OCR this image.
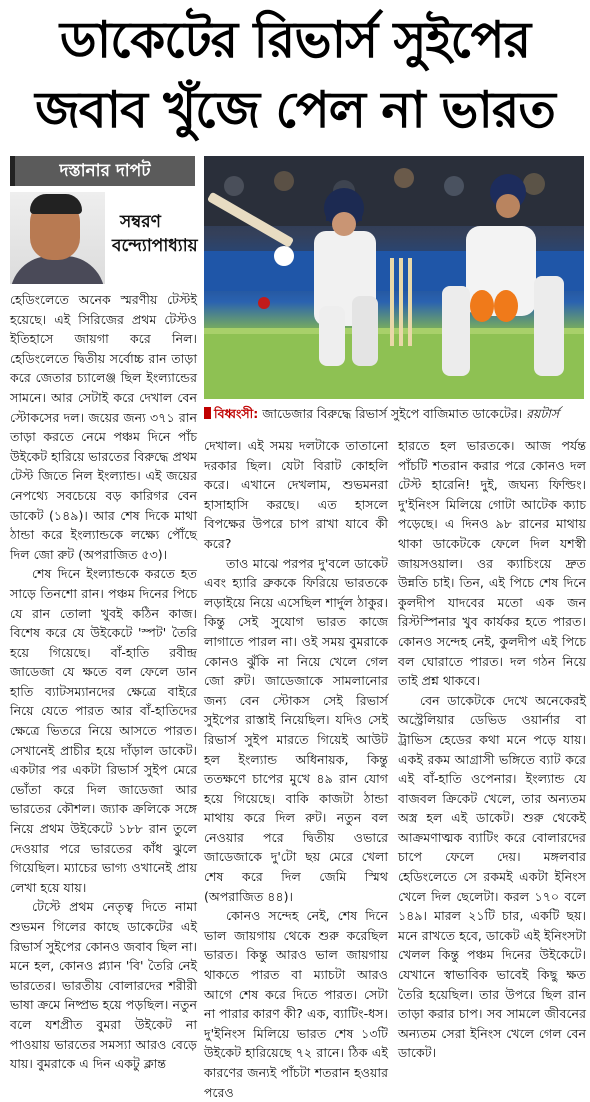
ডাকেটের রিভার্স সুইপের
জবাব খুঁজে পেল না ভারত
দস্তানার দাপট
সম্বরণ
বন্দ্যোপাধ্যায়
বিধ্বংসী: জাডেজার বিরুদ্ধে রিভার্স সুইপে বাজিমাত ডাকেটের। রয়টার্স

হেডিংলেতে অনেক স্মরণীয় টেস্টই হয়েছে। এই সিরিজের প্রথম টেস্টও ইতিহাসে জায়গা করে নিল। হেডিংলেতে দ্বিতীয় সর্বোচ্চ রান তাড়া করে জেতার চ্যালেঞ্জ ছিল ইংল্যান্ডের সামনে। আর সেটাই করে দেখাল বেন স্টোকসের দল। জয়ের জন্য ৩৭১ রান তাড়া করতে নেমে পঞ্চম দিনে পাঁচ উইকেট হারিয়ে ভারতের বিরুদ্ধে প্রথম টেস্ট জিতে নিল ইংল্যান্ড। এই জয়ের নেপথ্যে সবচেয়ে বড় কারিগর বেন ডাকেট (১৪৯)। আর শেষ দিকে মাথা ঠান্ডা করে ইংল্যান্ডকে লক্ষ্যে পৌঁছে দিল জো রুট (অপরাজিত ৫৩)।

শেষ দিনে ইংল্যান্ডকে করতে হত সাড়ে তিনশো রান। পঞ্চম দিনের পিচে যে রান তোলা খুবই কঠিন কাজ। বিশেষ করে যে উইকেটে 'স্পট' তৈরি হয়ে গিয়েছে। বাঁ-হাতি রবীন্দ্র জাডেজা যে ক্ষতে বল ফেলে ডান হাতি ব্যাটসম্যানদের ক্ষেত্রে বাইরে নিয়ে যেতে পারত আর বাঁ-হাতিদের ক্ষেত্রে ভিতরে নিয়ে আসতে পারত। সেখানেই প্রাচীর হয়ে দাঁড়াল ডাকেট। একটার পর একটা রিভার্স সুইপ মেরে ভোঁতা করে দিল জাডেজা আর ভারতের কৌশল। জ্যাক ক্রলিকে সঙ্গে নিয়ে প্রথম উইকেটে ১৮৮ রান তুলে দেওয়ার পরে ভারতের কাঁধ ঝুলে গিয়েছিল। ম্যাচের ভাগ্য ওখানেই প্রায় লেখা হয়ে যায়।

টেস্টে প্রথম নেতৃত্ব দিতে নামা শুভমন গিলের কাছে ডাকেটের এই রিভার্স সুইপের কোনও জবাব ছিল না। মনে হল, কোনও প্ল্যান 'বি' তৈরি নেই ভারতের। ভারতীয় বোলারদের শরীরী ভাষা ক্রমে নিষ্প্রভ হয়ে পড়ছিল। নতুন বলে যশপ্রীত বুমরা উইকেট না পাওয়ায় ভারতের সমস্যা আরও বেড়ে যায়। বুমরাকে এ দিন একটু ক্লান্ত

দেখাল। এই সময় দলটাকে তাতানো দরকার ছিল। যেটা বিরাট কোহলি করে। এখানে দেখলাম, শুভমনরা হাসাহাসি করছে। এত হাসলে বিপক্ষের উপরে চাপ রাখা যাবে কী করে?

তাও মাঝে পরপর দু'বলে ডাকেট এবং হ্যারি ব্রুককে ফিরিয়ে ভারতকে লড়াইয়ে নিয়ে এসেছিল শার্দুল ঠাকুর। কিন্তু সেই সুযোগ ভারত কাজে লাগাতে পারল না। ওই সময় বুমরাকে কোনও ঝুঁকি না নিয়ে খেলে গেল জো রুট। জাডেজাকে সামলানোর জন্য বেন স্টোকস সেই রিভার্স সুইপের রাস্তাই নিয়েছিল। যদিও সেই রিভার্স সুইপ মারতে গিয়েই আউট হল ইংল্যান্ড অধিনায়ক, কিন্তু ততক্ষণে চাপের মুখে ৪৯ রান যোগ হয়ে গিয়েছে। বাকি কাজটা ঠান্ডা মাথায় করে দিল রুট। নতুন বল নেওয়ার পরে দ্বিতীয় ওভারে জাডেজাকে দু'টো ছয় মেরে খেলা শেষ করে দিল জেমি স্মিথ (অপরাজিত ৪৪)।

কোনও সন্দেহ নেই, শেষ দিনে ভাল জায়গায় থেকে শুরু করেছিল ভারত। কিন্তু আরও ভাল জায়গায় থাকতে পারত বা ম্যাচটা আরও আগে শেষ করে দিতে পারত। সেটা না পারার কারণ কী? এক, ব্যাটিং-ধস। দু'ইনিংস মিলিয়ে ভারত শেষ ১৩টি উইকেট হারিয়েছে ৭২ রানে। ঠিক এই কারণের জন্যই পাঁচটা শতরান হওয়ার পরেও

হারতে হল ভারতকে। আজ পর্যন্ত পাঁচটি শতরান করার পরে কোনও দল টেস্ট হারেনি! দুই, জঘন্য ফিল্ডিং। দু'ইনিংস মিলিয়ে গোটা আটেক ক্যাচ পড়েছে। এ দিনও ৯৮ রানের মাথায় থাকা ডাকেটকে ফেলে দিল যশস্বী জায়সওয়াল। ওর ক্যাচিংয়ে দ্রুত উন্নতি চাই। তিন, এই পিচে শেষ দিনে কুলদীপ যাদবের মতো এক জন রিস্টস্পিনার খুব কার্যকর হতে পারত। কোনও সন্দেহ নেই, কুলদীপ এই পিচে বল ঘোরাতে পারত। দল গঠন নিয়ে তাই প্রশ্ন থাকবে।

বেন ডাকেটকে দেখে অনেকেরই অস্ট্রেলিয়ার ডেভিড ওয়ার্নার বা ট্রাভিস হেডের কথা মনে পড়ে যায়। একই রকম আগ্রাসী ভঙ্গিতে ব্যাট করে এই বাঁ-হাতি ওপেনার। ইংল্যান্ড যে বাজবল ক্রিকেট খেলে, তার অন্যতম অস্ত্র হল এই ডাকেট। শুরু থেকেই আক্রমণাত্মক ব্যাটিং করে বোলারদের চাপে ফেলে দেয়। মঙ্গলবার হেডিংলেতে সে রকমই একটা ইনিংস খেলে দিল ছেলেটা। করল ১৭০ বলে ১৪৯। মারল ২১টি চার, একটি ছয়। মনে রাখতে হবে, ডাকেট এই ইনিংসটা খেলল কিন্তু পঞ্চম দিনের উইকেটে। যেখানে স্বাভাবিক ভাবেই কিছু ক্ষত তৈরি হয়েছিল। তার উপরে ছিল রান তাড়া করার চাপ। সব সামলে জীবনের অন্যতম সেরা ইনিংস খেলে গেল বেন ডাকেট।
